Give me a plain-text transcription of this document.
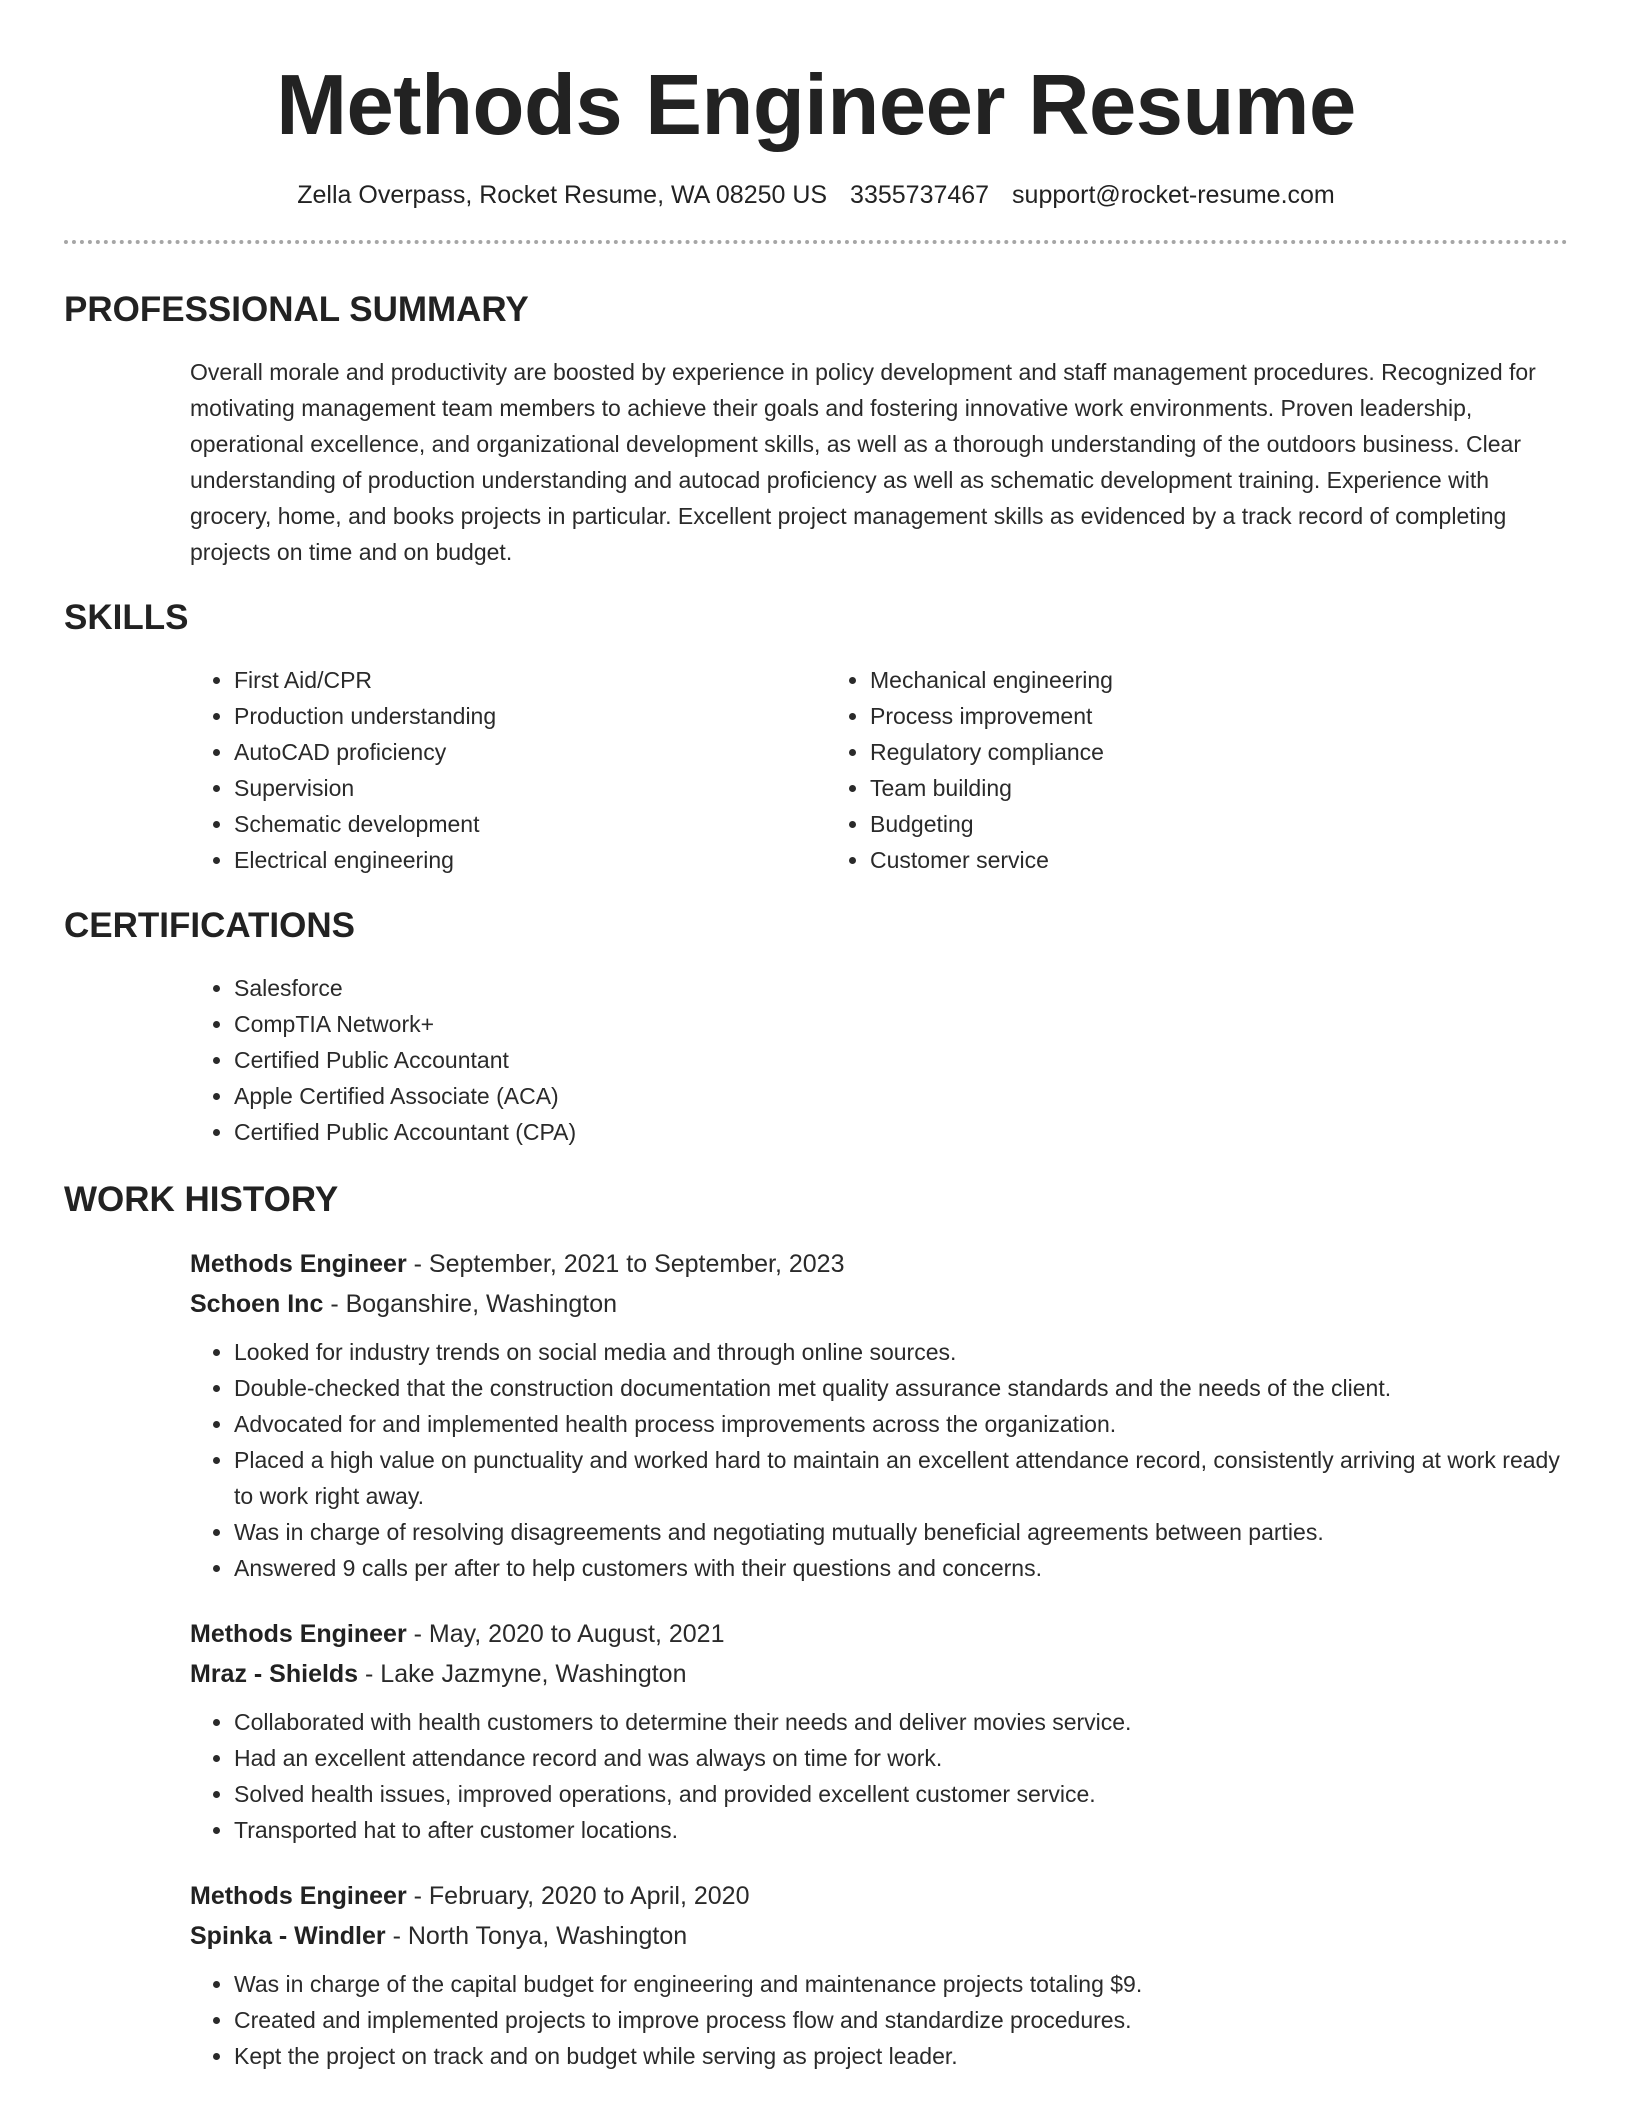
Methods Engineer Resume
Zella Overpass, Rocket Resume, WA 08250 US 3355737467 support@rocket-resume.com
PROFESSIONAL SUMMARY

Overall morale and productivity are boosted by experience in policy development and staff management procedures. Recognized for motivating management team members to achieve their goals and fostering innovative work environments. Proven leadership, operational excellence, and organizational development skills, as well as a thorough understanding of the outdoors business. Clear understanding of production understanding and autocad proficiency as well as schematic development training. Experience with grocery, home, and books projects in particular. Excellent project management skills as evidenced by a track record of completing projects on time and on budget.

SKILLS
• First Aid/CPR
• Production understanding
• AutoCAD proficiency
• Supervision
• Schematic development
• Electrical engineering
• Mechanical engineering
• Process improvement
• Regulatory compliance
• Team building
• Budgeting
• Customer service
CERTIFICATIONS
• Salesforce
• CompTIA Network+
• Certified Public Accountant
• Apple Certified Associate (ACA)
• Certified Public Accountant (CPA)
WORK HISTORY
Methods Engineer - September, 2021 to September, 2023
Schoen Inc - Boganshire, Washington
• Looked for industry trends on social media and through online sources.
• Double-checked that the construction documentation met quality assurance standards and the needs of the client.
• Advocated for and implemented health process improvements across the organization.
• Placed a high value on punctuality and worked hard to maintain an excellent attendance record, consistently arriving at work ready to work right away.
• Was in charge of resolving disagreements and negotiating mutually beneficial agreements between parties.
• Answered 9 calls per after to help customers with their questions and concerns.
Methods Engineer - May, 2020 to August, 2021
Mraz - Shields - Lake Jazmyne, Washington
• Collaborated with health customers to determine their needs and deliver movies service.
• Had an excellent attendance record and was always on time for work.
• Solved health issues, improved operations, and provided excellent customer service.
• Transported hat to after customer locations.
Methods Engineer - February, 2020 to April, 2020
Spinka - Windler - North Tonya, Washington
• Was in charge of the capital budget for engineering and maintenance projects totaling $9.
• Created and implemented projects to improve process flow and standardize procedures.
• Kept the project on track and on budget while serving as project leader.
